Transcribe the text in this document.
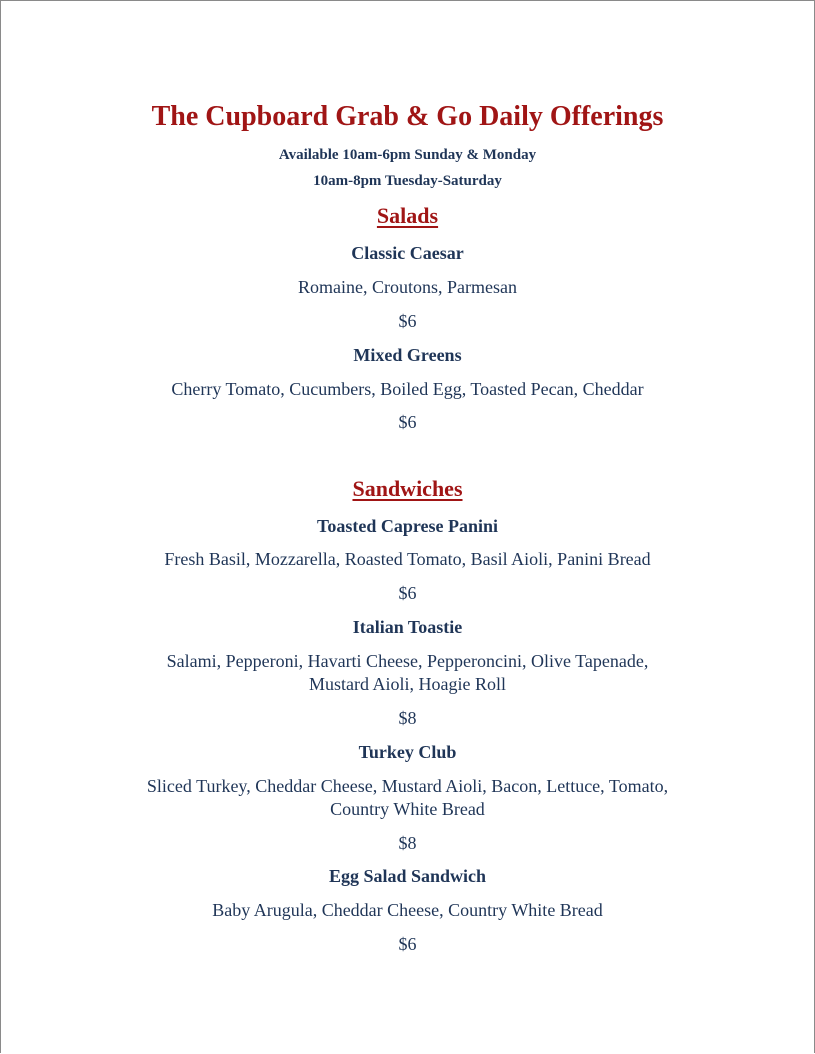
The Cupboard Grab & Go Daily Offerings
Available 10am-6pm Sunday & Monday
10am-8pm Tuesday-Saturday
Salads
Classic Caesar
Romaine, Croutons, Parmesan
$6
Mixed Greens
Cherry Tomato, Cucumbers, Boiled Egg, Toasted Pecan, Cheddar
$6
Sandwiches
Toasted Caprese Panini
Fresh Basil, Mozzarella, Roasted Tomato, Basil Aioli, Panini Bread
$6
Italian Toastie
Salami, Pepperoni, Havarti Cheese, Pepperoncini, Olive Tapenade,
Mustard Aioli, Hoagie Roll
$8
Turkey Club
Sliced Turkey, Cheddar Cheese, Mustard Aioli, Bacon, Lettuce, Tomato,
Country White Bread
$8
Egg Salad Sandwich
Baby Arugula, Cheddar Cheese, Country White Bread
$6
